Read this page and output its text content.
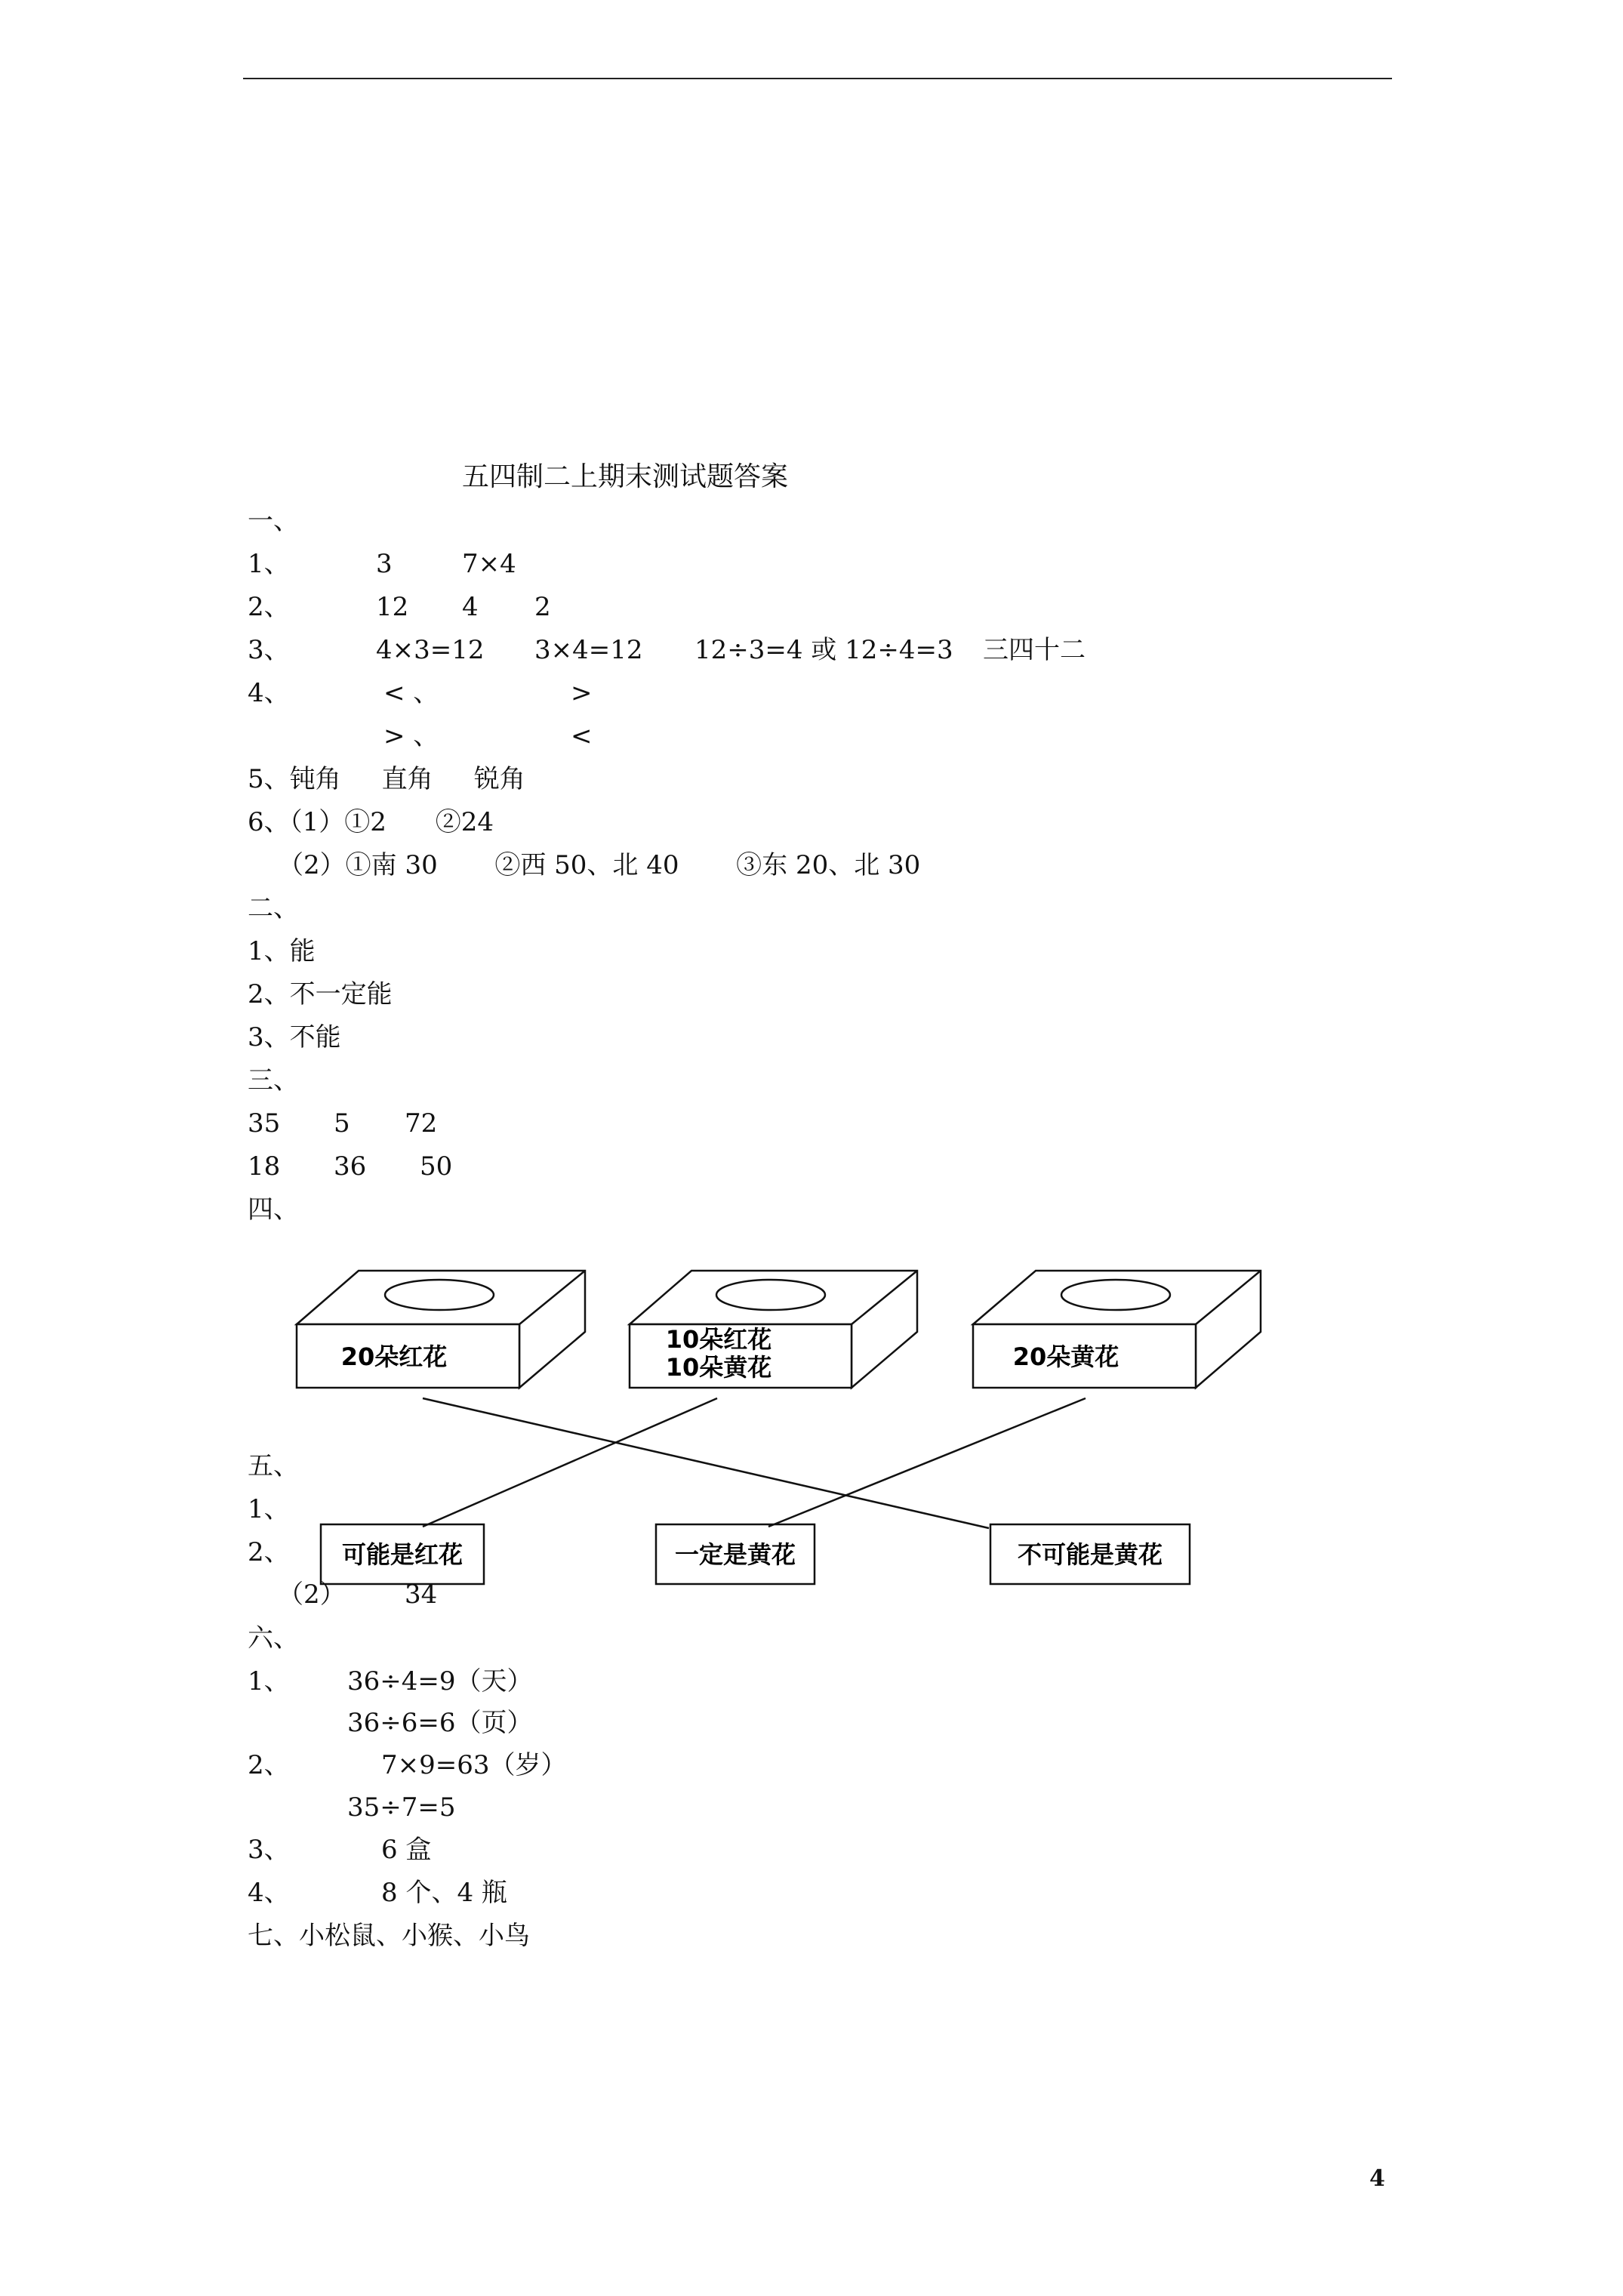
五四制二上期末测试题答案
一、
1、	3	7×4
2、	12 4 2
3、	4×3=12 3×4=12 12÷3=4 或 12÷4=3 三四十二
4、	< 、	>
> 、	<
5、钝角     直角     锐角
6、（1）①2      ②24
（2）①南 30       ②西 50、北 40       ③东 20、北 30
二、
1、能
2、不一定能
3、不能
三、
35 5 72
18 36 50
四、
20朵红花
10朵红花
10朵黄花	20朵黄花
可能是红花	一定是黄花	不可能是黄花
五、
1、
2、
（2） 34
六、
1、 36÷4=9（天）
36÷6=6（页）
2、	7×9=63（岁）
35÷7=5
3、	6 盒
4、	8 个、4 瓶
七、小松鼠、小猴、小鸟
4
